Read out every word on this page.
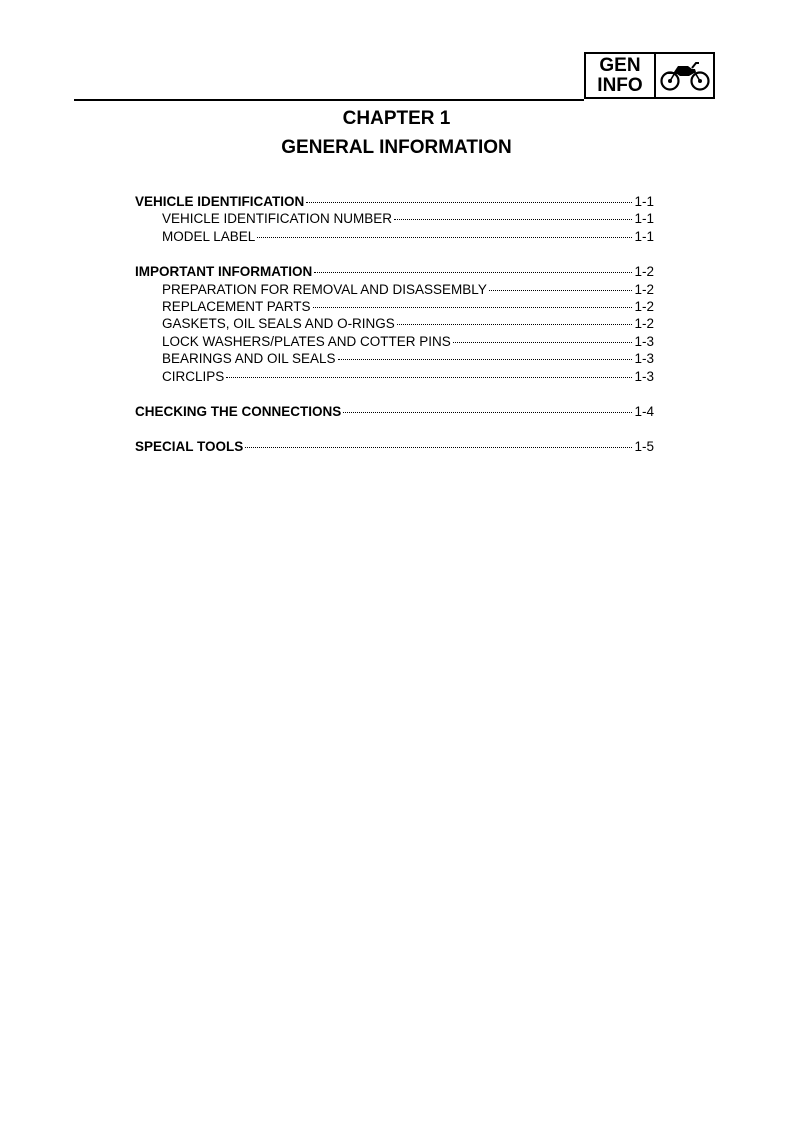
GEN
INFO
CHAPTER 1
GENERAL INFORMATION
VEHICLE IDENTIFICATION	1-1
VEHICLE IDENTIFICATION NUMBER	1-1
MODEL LABEL	1-1
IMPORTANT INFORMATION	1-2
PREPARATION FOR REMOVAL AND DISASSEMBLY	1-2
REPLACEMENT PARTS	1-2
GASKETS, OIL SEALS AND O-RINGS	1-2
LOCK WASHERS/PLATES AND COTTER PINS	1-3
BEARINGS AND OIL SEALS	1-3
CIRCLIPS	1-3
CHECKING THE CONNECTIONS	1-4
SPECIAL TOOLS	1-5
